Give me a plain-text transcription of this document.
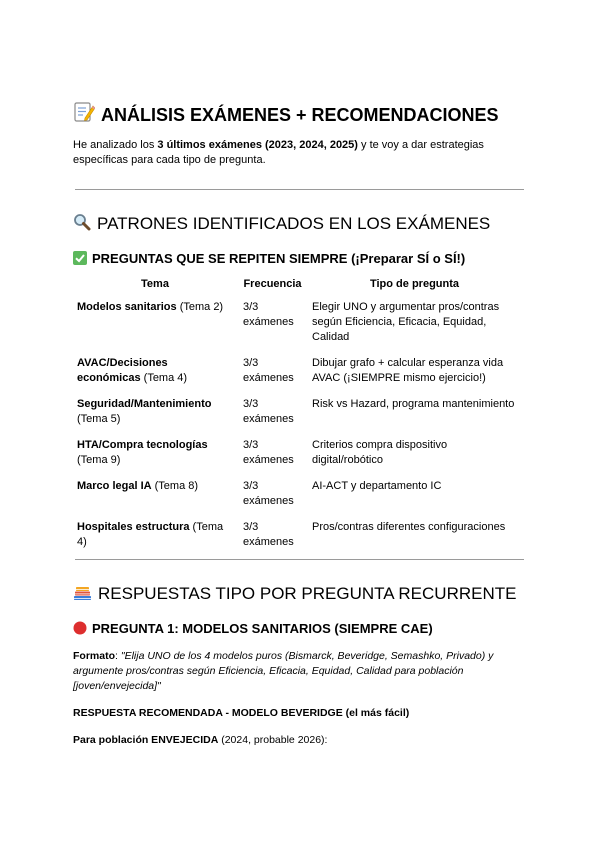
ANÁLISIS EXÁMENES + RECOMENDACIONES
He analizado los 3 últimos exámenes (2023, 2024, 2025) y te voy a dar estrategias específicas para cada tipo de pregunta.
PATRONES IDENTIFICADOS EN LOS EXÁMENES
PREGUNTAS QUE SE REPITEN SIEMPRE (¡Preparar SÍ o SÍ!)
Tema	Frecuencia	Tipo de pregunta
Modelos sanitarios (Tema 2)	3/3 exámenes	Elegir UNO y argumentar pros/contras según Eficiencia, Eficacia, Equidad, Calidad
AVAC/Decisiones económicas (Tema 4)	3/3 exámenes	Dibujar grafo + calcular esperanza vida AVAC (¡SIEMPRE mismo ejercicio!)
Seguridad/Mantenimiento (Tema 5)	3/3 exámenes	Risk vs Hazard, programa mantenimiento
HTA/Compra tecnologías (Tema 9)	3/3 exámenes	Criterios compra dispositivo digital/robótico
Marco legal IA (Tema 8)	3/3 exámenes	AI-ACT y departamento IC
Hospitales estructura (Tema 4)	3/3 exámenes	Pros/contras diferentes configuraciones
RESPUESTAS TIPO POR PREGUNTA RECURRENTE
PREGUNTA 1: MODELOS SANITARIOS (SIEMPRE CAE)
Formato: "Elija UNO de los 4 modelos puros (Bismarck, Beveridge, Semashko, Privado) y argumente pros/contras según Eficiencia, Eficacia, Equidad, Calidad para población [joven/envejecida]"
RESPUESTA RECOMENDADA - MODELO BEVERIDGE (el más fácil)
Para población ENVEJECIDA (2024, probable 2026):
